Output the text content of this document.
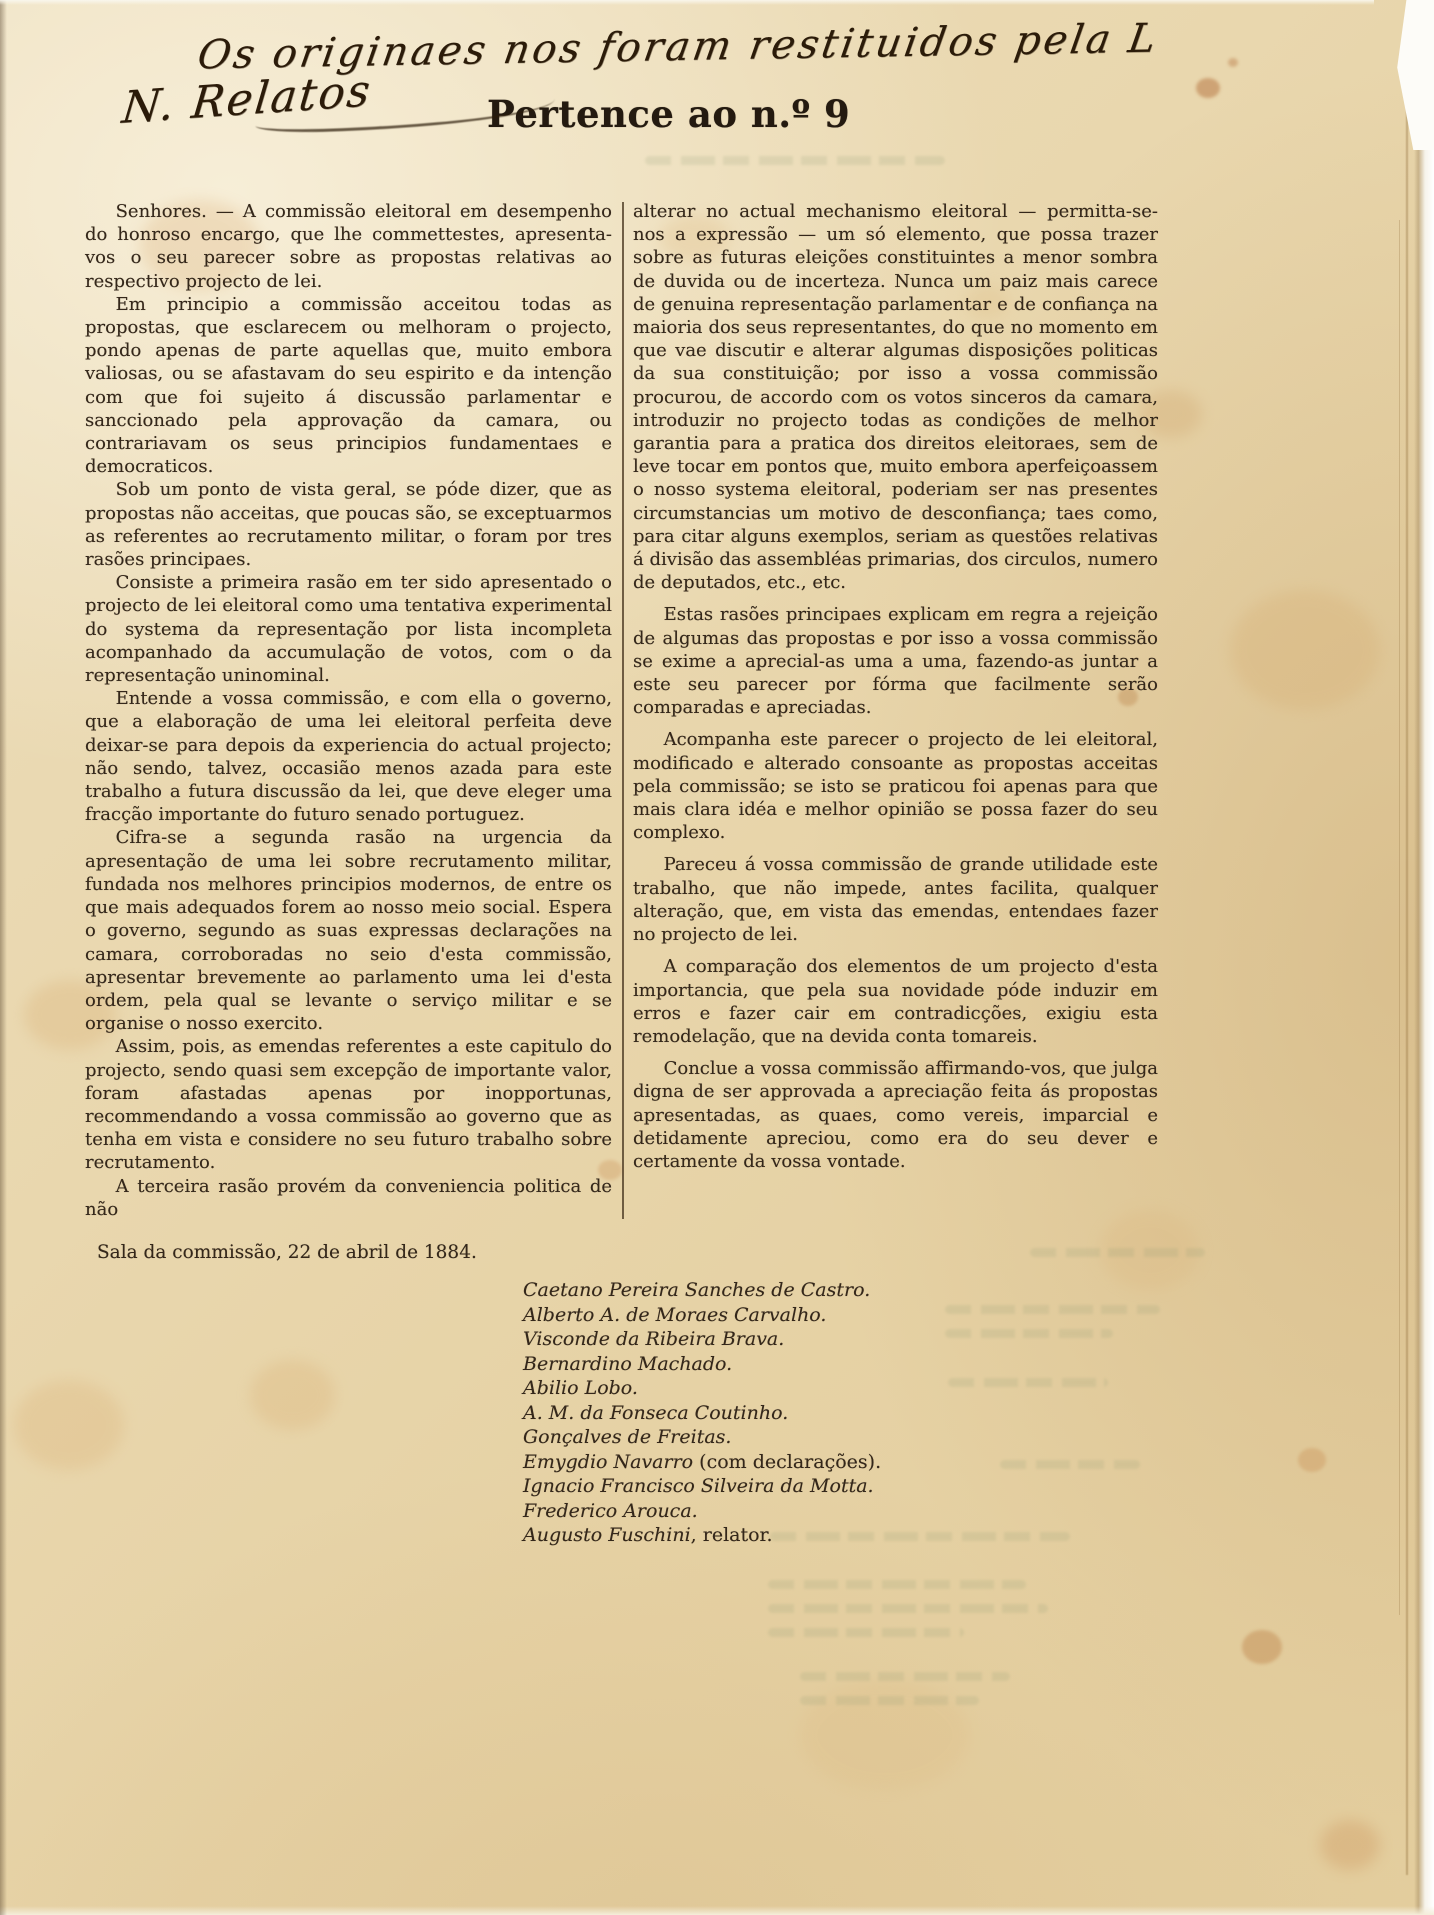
Os originaes nos foram restituidos pela L
N. Relatos	Pertence ao n.º 9

Senhores. — A commissão eleitoral em desempenho do honroso encargo, que lhe commettestes, apresenta-vos o seu parecer sobre as propostas relativas ao respectivo projecto de lei.

Em principio a commissão acceitou todas as propostas, que esclarecem ou melhoram o projecto, pondo apenas de parte aquellas que, muito embora valiosas, ou se afastavam do seu espirito e da intenção com que foi sujeito á discussão parlamentar e sanccionado pela approvação da camara, ou contrariavam os seus principios fundamentaes e democraticos.

Sob um ponto de vista geral, se póde dizer, que as propostas não acceitas, que poucas são, se exceptuarmos as referentes ao recrutamento militar, o foram por tres rasões principaes.

Consiste a primeira rasão em ter sido apresentado o projecto de lei eleitoral como uma tentativa experimental do systema da representação por lista incompleta acompanhado da accumulação de votos, com o da representação uninominal.

Entende a vossa commissão, e com ella o governo, que a elaboração de uma lei eleitoral perfeita deve deixar-se para depois da experiencia do actual projecto; não sendo, talvez, occasião menos azada para este trabalho a futura discussão da lei, que deve eleger uma fracção importante do futuro senado portuguez.

Cifra-se a segunda rasão na urgencia da apresentação de uma lei sobre recrutamento militar, fundada nos melhores principios modernos, de entre os que mais adequados forem ao nosso meio social. Espera o governo, segundo as suas expressas declarações na camara, corroboradas no seio d'esta commissão, apresentar brevemente ao parlamento uma lei d'esta ordem, pela qual se levante o serviço militar e se organise o nosso exercito.

Assim, pois, as emendas referentes a este capitulo do projecto, sendo quasi sem excepção de importante valor, foram afastadas apenas por inopportunas, recommendando a vossa commissão ao governo que as tenha em vista e considere no seu futuro trabalho sobre recrutamento.

A terceira rasão provém da conveniencia politica de não

alterar no actual mechanismo eleitoral — permitta-se-nos a expressão — um só elemento, que possa trazer sobre as futuras eleições constituintes a menor sombra de duvida ou de incerteza. Nunca um paiz mais carece de genuina representação parlamentar e de confiança na maioria dos seus representantes, do que no momento em que vae discutir e alterar algumas disposições politicas da sua constituição; por isso a vossa commissão procurou, de accordo com os votos sinceros da camara, introduzir no projecto todas as condições de melhor garantia para a pratica dos direitos eleitoraes, sem de leve tocar em pontos que, muito embora aperfeiçoassem o nosso systema eleitoral, poderiam ser nas presentes circumstancias um motivo de desconfiança; taes como, para citar alguns exemplos, seriam as questões relativas á divisão das assembléas primarias, dos circulos, numero de deputados, etc., etc.

Estas rasões principaes explicam em regra a rejeição de algumas das propostas e por isso a vossa commissão se exime a aprecial-as uma a uma, fazendo-as juntar a este seu parecer por fórma que facilmente serão comparadas e apreciadas.

Acompanha este parecer o projecto de lei eleitoral, modificado e alterado consoante as propostas acceitas pela commissão; se isto se praticou foi apenas para que mais clara idéa e melhor opinião se possa fazer do seu complexo.

Pareceu á vossa commissão de grande utilidade este trabalho, que não impede, antes facilita, qualquer alteração, que, em vista das emendas, entendaes fazer no projecto de lei.

A comparação dos elementos de um projecto d'esta importancia, que pela sua novidade póde induzir em erros e fazer cair em contradicções, exigiu esta remodelação, que na devida conta tomareis.

Conclue a vossa commissão affirmando-vos, que julga digna de ser approvada a apreciação feita ás propostas apresentadas, as quaes, como vereis, imparcial e detidamente apreciou, como era do seu dever e certamente da vossa vontade.

Sala da commissão, 22 de abril de 1884.
Caetano Pereira Sanches de Castro.
Alberto A. de Moraes Carvalho.
Visconde da Ribeira Brava.
Bernardino Machado.
Abilio Lobo.
A. M. da Fonseca Coutinho.
Gonçalves de Freitas.
Emygdio Navarro (com declarações).
Ignacio Francisco Silveira da Motta.
Frederico Arouca.
Augusto Fuschini, relator.
